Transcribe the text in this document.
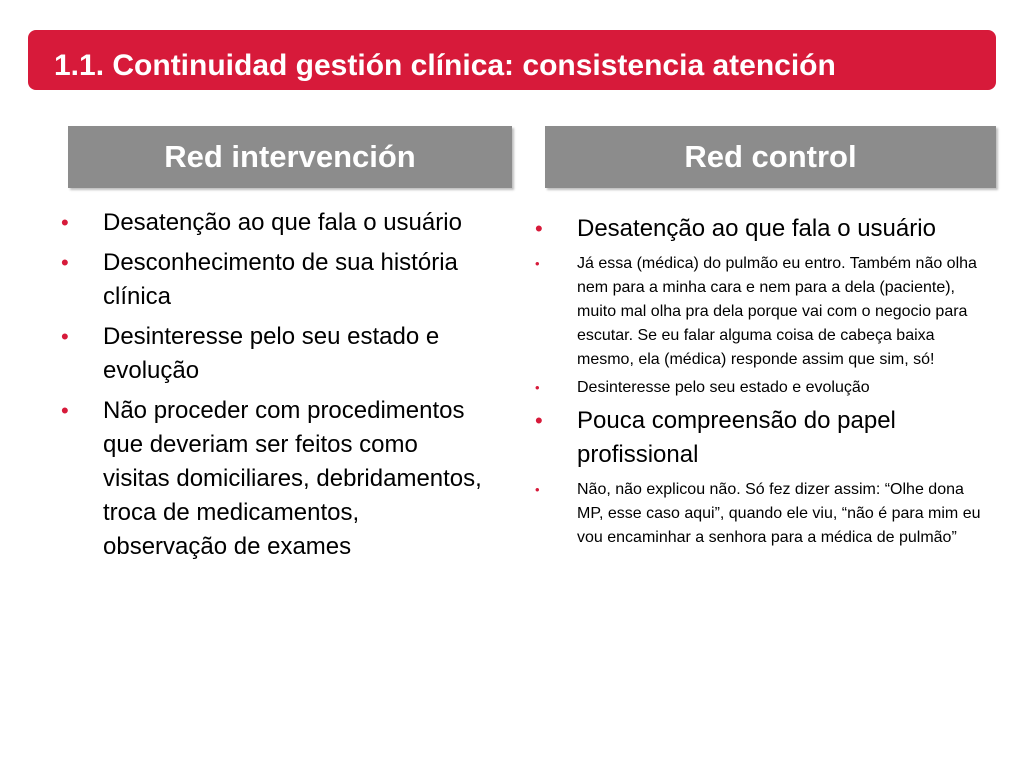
1.1. Continuidad gestión clínica: consistencia atención
Red intervención	Red control
• Desatenção ao que fala o usuário
• Desconhecimento de sua história clínica
• Desinteresse pelo seu estado e evolução
• Não proceder com procedimentos que deveriam ser feitos como visitas domiciliares, debridamentos, troca de medicamentos, observação de exames
• Desatenção ao que fala o usuário
• Já essa (médica) do pulmão eu entro. Também não olha nem para a minha cara e nem para a dela (paciente), muito mal olha pra dela porque vai com o negocio para escutar. Se eu falar alguma coisa de cabeça baixa mesmo, ela (médica) responde assim que sim, só!
• Desinteresse pelo seu estado e evolução
• Pouca compreensão do papel profissional
• Não, não explicou não. Só fez dizer assim: “Olhe dona MP, esse caso aqui”, quando ele viu, “não é para mim eu vou encaminhar a senhora para a médica de pulmão”
